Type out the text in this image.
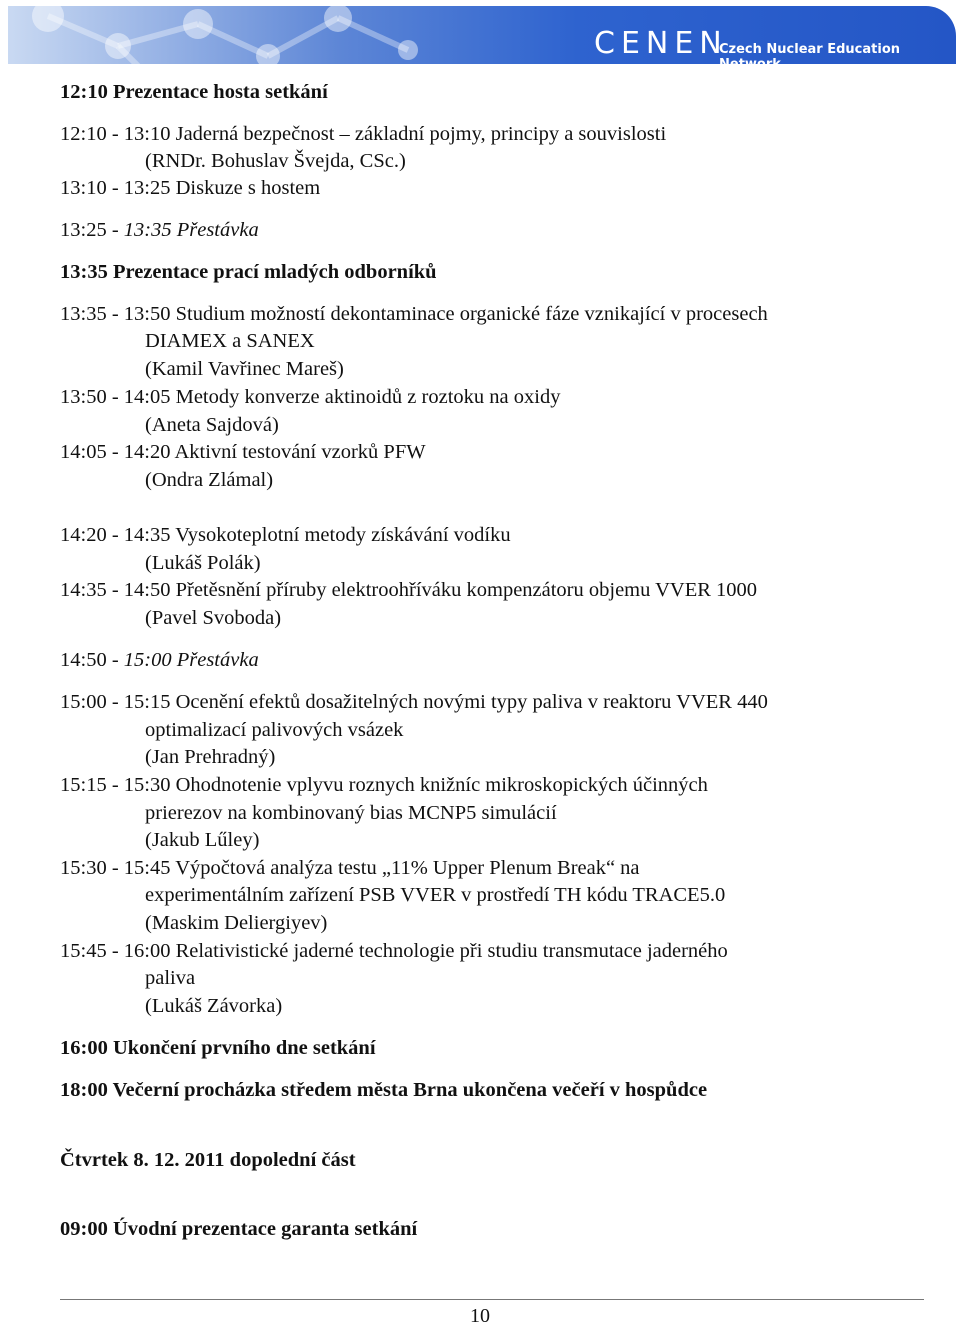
CENEN
Czech Nuclear Education Network
12:10 Prezentace hosta setkání
12:10 - 13:10 Jaderná bezpečnost – základní pojmy, principy a souvislosti
(RNDr. Bohuslav Švejda, CSc.)
13:10 - 13:25 Diskuze s hostem
13:25 - 13:35 Přestávka
13:35 Prezentace prací mladých odborníků
13:35 - 13:50 Studium možností dekontaminace organické fáze vznikající v procesech
DIAMEX a SANEX
(Kamil Vavřinec Mareš)
13:50 - 14:05 Metody konverze aktinoidů z roztoku na oxidy
(Aneta Sajdová)
14:05 - 14:20 Aktivní testování vzorků PFW
(Ondra Zlámal)
14:20 - 14:35 Vysokoteplotní metody získávání vodíku
(Lukáš Polák)
14:35 - 14:50 Přetěsnění příruby elektroohříváku kompenzátoru objemu VVER 1000
(Pavel Svoboda)
14:50 - 15:00 Přestávka
15:00 - 15:15 Ocenění efektů dosažitelných novými typy paliva v reaktoru VVER 440
optimalizací palivových vsázek
(Jan Prehradný)
15:15 - 15:30 Ohodnotenie vplyvu roznych knižníc mikroskopických účinných
prierezov na kombinovaný bias MCNP5 simulácií
(Jakub Lűley)
15:30 - 15:45 Výpočtová analýza testu „11% Upper Plenum Break“ na
experimentálním zařízení PSB VVER v prostředí TH kódu TRACE5.0
(Maskim Deliergiyev)
15:45 - 16:00 Relativistické jaderné technologie při studiu transmutace jaderného
paliva
(Lukáš Závorka)
16:00 Ukončení prvního dne setkání
18:00 Večerní procházka středem města Brna ukončena večeří v hospůdce
Čtvrtek 8. 12. 2011 dopolední část
09:00 Úvodní prezentace garanta setkání
10
